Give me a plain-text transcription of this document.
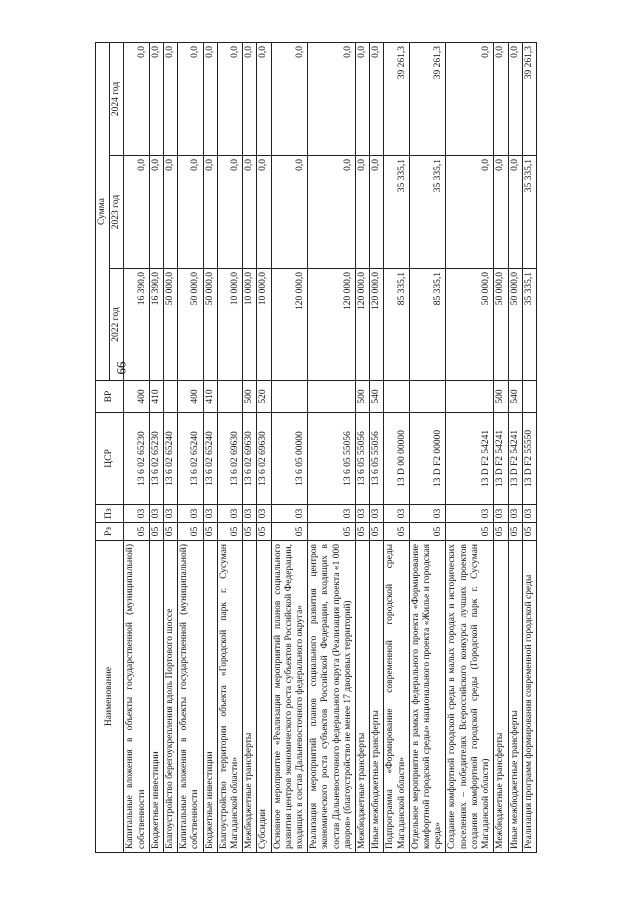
99
Наименование	Рз	Пз	ЦСР	ВР	Сумма		
					2022 год	2023 год	2024 год
Капитальные вложения в объекты государственной (муниципальной) собственности	05	03	13 6 02 65230	400	16 390,0	0,0	0,0
Бюджетные инвестиции	05	03	13 6 02 65230	410	16 390,0	0,0	0,0
Благоустройство берегоукрепления вдоль Портового шоссе	05	03	13 6 02 65240		50 000,0	0,0	0,0
Капитальные вложения в объекты государственной (муниципальной) собственности	05	03	13 6 02 65240	400	50 000,0	0,0	0,0
Бюджетные инвестиции	05	03	13 6 02 65240	410	50 000,0	0,0	0,0
Благоустройство территории объекта «Городской парк г. Сусуман Магаданской области»	05	03	13 6 02 69630		10 000,0	0,0	0,0
Межбюджетные трансферты	05	03	13 6 02 69630	500	10 000,0	0,0	0,0
Субсидии	05	03	13 6 02 69630	520	10 000,0	0,0	0,0
Основное мероприятие «Реализация мероприятий планов социального развития центров экономического роста субъектов Российской Федерации, входящих в состав Дальневосточного федерального округа»	05	03	13 6 05 00000		120 000,0	0,0	0,0
Реализация мероприятий планов социального развития центров экономического роста субъектов Российской Федерации, входящих в состав Дальневосточного федерального округа (Реализация проекта «1 000 дворов» (благоустройство не менее 17 дворовых территорий)	05	03	13 6 05 55056		120 000,0	0,0	0,0
Межбюджетные трансферты	05	03	13 6 05 55056	500	120 000,0	0,0	0,0
Иные межбюджетные трансферты	05	03	13 6 05 55056	540	120 000,0	0,0	0,0
Подпрограмма «Формирование современной городской среды Магаданской области»	05	03	13 D 00 00000		85 335,1	35 335,1	39 261,3
Отдельное мероприятие в рамках федерального проекта «Формирование комфортной городской среды» национального проекта «Жилье и городская среда»	05	03	13 D F2 00000		85 335,1	35 335,1	39 261,3
Создание комфортной городской среды в малых городах и исторических поселениях – победителях Всероссийского конкурса лучших проектов создания комфортной городской среды (Городской парк г. Сусуман Магаданской области)	05	03	13 D F2 54241		50 000,0	0,0	0,0
Межбюджетные трансферты	05	03	13 D F2 54241	500	50 000,0	0,0	0,0
Иные межбюджетные трансферты	05	03	13 D F2 54241	540	50 000,0	0,0	0,0
Реализация программ формирования современной городской среды	05	03	13 D F2 55550		35 335,1	35 335,1	39 261,3
